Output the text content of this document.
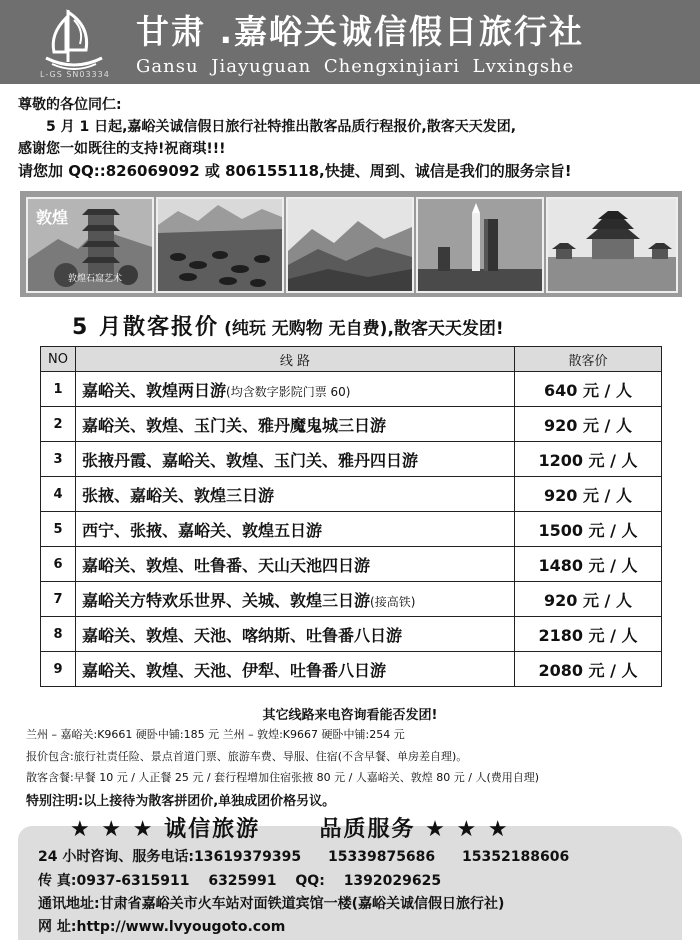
L-GS SN03334
甘肃 .嘉峪关诚信假日旅行社
Gansu Jiayuguan Chengxinjiari Lvxingshe
尊敬的各位同仁:
5 月 1 日起,嘉峪关诚信假日旅行社特推出散客品质行程报价,散客天天发团,
感谢您一如既往的支持!祝商琪!!!
请您加 QQ::826069092 或 806155118,快捷、周到、诚信是我们的服务宗旨!
敦煌
敦煌石窟艺术
5 月散客报价 (纯玩 无购物 无自费),散客天天发团!
NO	线 路	散客价
1	嘉峪关、敦煌两日游(均含数字影院门票 60)	640 元 / 人
2	嘉峪关、敦煌、玉门关、雅丹魔鬼城三日游	920 元 / 人
3	张掖丹霞、嘉峪关、敦煌、玉门关、雅丹四日游	1200 元 / 人
4	张掖、嘉峪关、敦煌三日游	920 元 / 人
5	西宁、张掖、嘉峪关、敦煌五日游	1500 元 / 人
6	嘉峪关、敦煌、吐鲁番、天山天池四日游	1480 元 / 人
7	嘉峪关方特欢乐世界、关城、敦煌三日游(接高铁)	920 元 / 人
8	嘉峪关、敦煌、天池、喀纳斯、吐鲁番八日游	2180 元 / 人
9	嘉峪关、敦煌、天池、伊犁、吐鲁番八日游	2080 元 / 人
其它线路来电咨询看能否发团!
兰州 – 嘉峪关:K9661 硬卧中铺:185 元 兰州 – 敦煌:K9667 硬卧中铺:254 元
报价包含:旅行社责任险、景点首道门票、旅游车费、导服、住宿(不含早餐、单房差自理)。
散客含餐:早餐 10 元 / 人正餐 25 元 / 套行程增加住宿张掖 80 元 / 人嘉峪关、敦煌 80 元 / 人(费用自理)
特别注明:以上接待为散客拼团价,单独成团价格另议。
★ ★ ★ 诚信旅游	品质服务 ★ ★ ★
24 小时咨询、服务电话:13619379395 15339875686 15352188606
传 真:0937-6315911 6325991 QQ: 1392029625
通讯地址:甘肃省嘉峪关市火车站对面铁道宾馆一楼(嘉峪关诚信假日旅行社)
网 址:http://www.lvyougoto.com
